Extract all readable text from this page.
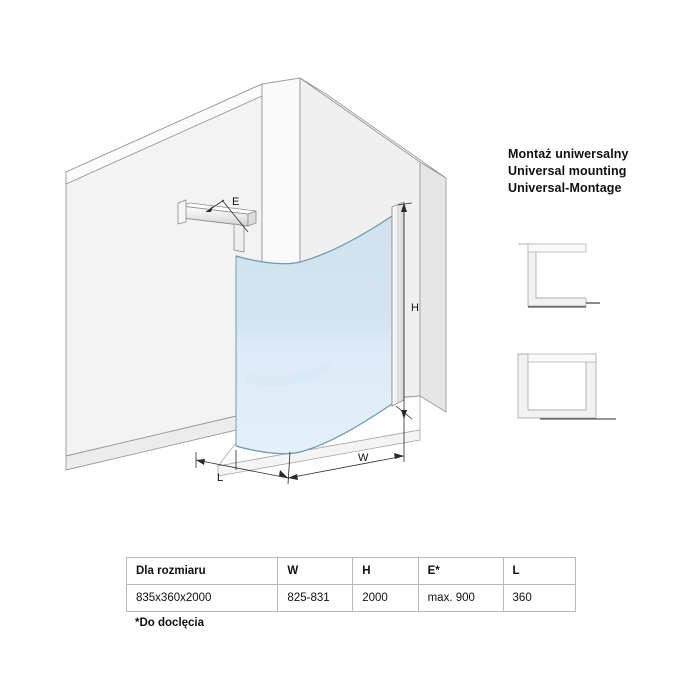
Montaż uniwersalny
Universal mounting
Universal-Montage
E
H
W
L
Dla rozmiaru	W	H	E*	L
835x360x2000	825-831	2000	max. 900	360
*Do doclęcia
